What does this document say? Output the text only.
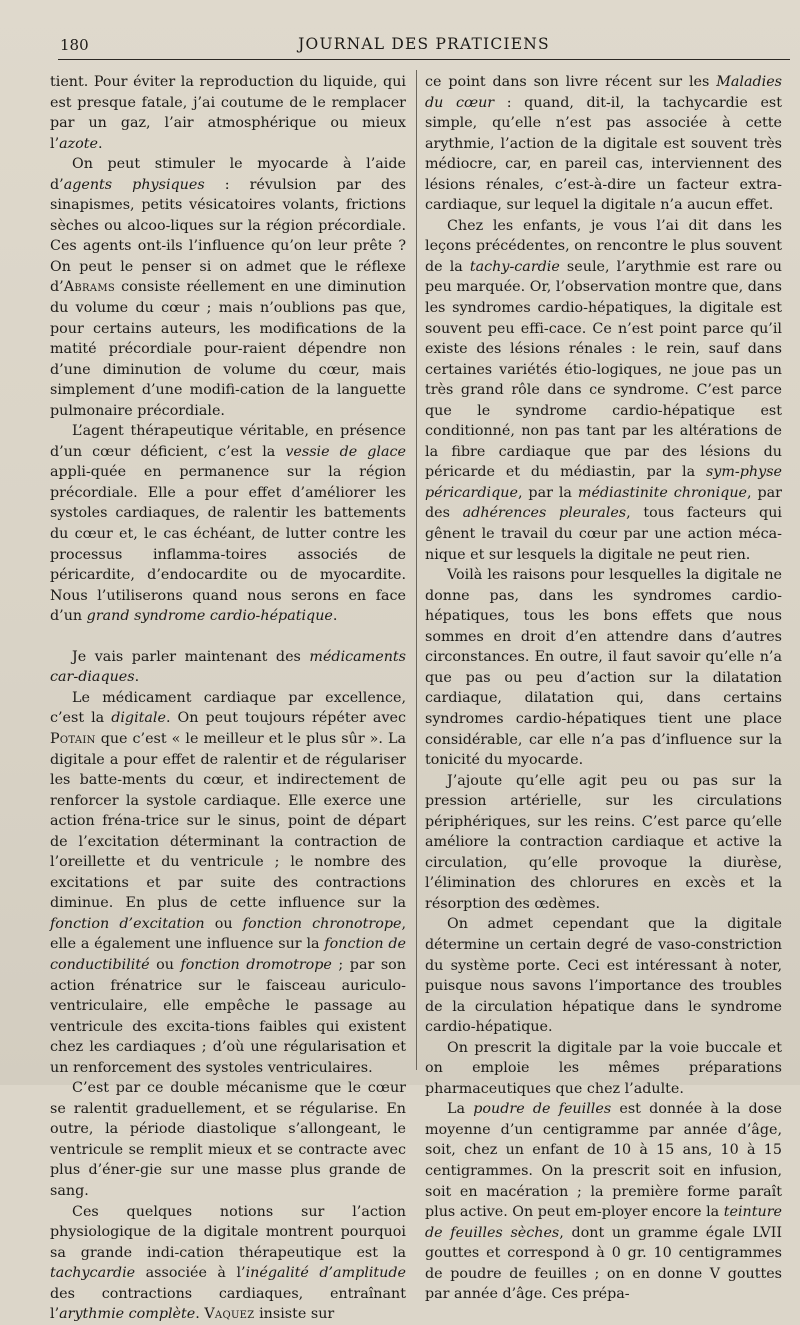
180	JOURNAL DES PRATICIENS

tient. Pour éviter la reproduction du liquide, qui est presque fatale, j’ai coutume de le remplacer par un gaz, l’air atmosphérique ou mieux l’azote.

On peut stimuler le myocarde à l’aide d’agents physiques : révulsion par des sinapismes, petits vésicatoires volants, frictions sèches ou alcoo-liques sur la région précordiale. Ces agents ont-ils l’influence qu’on leur prête ? On peut le penser si on admet que le réflexe d’Abrams consiste réellement en une diminution du volume du cœur ; mais n’oublions pas que, pour certains auteurs, les modifications de la matité précordiale pour-raient dépendre non d’une diminution de volume du cœur, mais simplement d’une modifi-cation de la languette pulmonaire précordiale.

L’agent thérapeutique véritable, en présence d’un cœur déficient, c’est la vessie de glace appli-quée en permanence sur la région précordiale. Elle a pour effet d’améliorer les systoles cardiaques, de ralentir les battements du cœur et, le cas échéant, de lutter contre les processus inflamma-toires associés de péricardite, d’endocardite ou de myocardite. Nous l’utiliserons quand nous serons en face d’un grand syndrome cardio-hépatique.

Je vais parler maintenant des médicaments car-diaques.

Le médicament cardiaque par excellence, c’est la digitale. On peut toujours répéter avec Potain que c’est « le meilleur et le plus sûr ». La digitale a pour effet de ralentir et de régulariser les batte-ments du cœur, et indirectement de renforcer la systole cardiaque. Elle exerce une action fréna-trice sur le sinus, point de départ de l’excitation déterminant la contraction de l’oreillette et du ventricule ; le nombre des excitations et par suite des contractions diminue. En plus de cette influence sur la fonction d’excitation ou fonction chronotrope, elle a également une influence sur la fonction de conductibilité ou fonction dromotrope ; par son action frénatrice sur le faisceau auriculo-ventriculaire, elle empêche le passage au ventricule des excita-tions faibles qui existent chez les cardiaques ; d’où une régularisation et un renforcement des systoles ventriculaires.

C’est par ce double mécanisme que le cœur se ralentit graduellement, et se régularise. En outre, la période diastolique s’allongeant, le ventricule se remplit mieux et se contracte avec plus d’éner-gie sur une masse plus grande de sang.

Ces quelques notions sur l’action physiologique de la digitale montrent pourquoi sa grande indi-cation thérapeutique est la tachycardie associée à l’inégalité d’amplitude des contractions cardiaques, entraînant l’arythmie complète. Vaquez insiste sur

ce point dans son livre récent sur les Maladies du cœur : quand, dit-il, la tachycardie est simple, qu’elle n’est pas associée à cette arythmie, l’action de la digitale est souvent très médiocre, car, en pareil cas, interviennent des lésions rénales, c’est-à-dire un facteur extra-cardiaque, sur lequel la digitale n’a aucun effet.

Chez les enfants, je vous l’ai dit dans les leçons précédentes, on rencontre le plus souvent de la tachy-cardie seule, l’arythmie est rare ou peu marquée. Or, l’observation montre que, dans les syndromes cardio-hépatiques, la digitale est souvent peu effi-cace. Ce n’est point parce qu’il existe des lésions rénales : le rein, sauf dans certaines variétés étio-logiques, ne joue pas un très grand rôle dans ce syndrome. C’est parce que le syndrome cardio-hépatique est conditionné, non pas tant par les altérations de la fibre cardiaque que par des lésions du péricarde et du médiastin, par la sym-physe péricardique, par la médiastinite chronique, par des adhérences pleurales, tous facteurs qui gênent le travail du cœur par une action méca-nique et sur lesquels la digitale ne peut rien.

Voilà les raisons pour lesquelles la digitale ne donne pas, dans les syndromes cardio-hépatiques, tous les bons effets que nous sommes en droit d’en attendre dans d’autres circonstances. En outre, il faut savoir qu’elle n’a que pas ou peu d’action sur la dilatation cardiaque, dilatation qui, dans certains syndromes cardio-hépatiques tient une place considérable, car elle n’a pas d’influence sur la tonicité du myocarde.

J’ajoute qu’elle agit peu ou pas sur la pression artérielle, sur les circulations périphériques, sur les reins. C’est parce qu’elle améliore la contraction cardiaque et active la circulation, qu’elle provoque la diurèse, l’élimination des chlorures en excès et la résorption des œdèmes.

On admet cependant que la digitale détermine un certain degré de vaso-constriction du système porte. Ceci est intéressant à noter, puisque nous savons l’importance des troubles de la circulation hépatique dans le syndrome cardio-hépatique.

On prescrit la digitale par la voie buccale et on emploie les mêmes préparations pharmaceutiques que chez l’adulte.

La poudre de feuilles est donnée à la dose moyenne d’un centigramme par année d’âge, soit, chez un enfant de 10 à 15 ans, 10 à 15 centigrammes. On la prescrit soit en infusion, soit en macération ; la première forme paraît plus active. On peut em-ployer encore la teinture de feuilles sèches, dont un gramme égale LVII gouttes et correspond à 0 gr. 10 centigrammes de poudre de feuilles ; on en donne V gouttes par année d’âge. Ces prépa-
